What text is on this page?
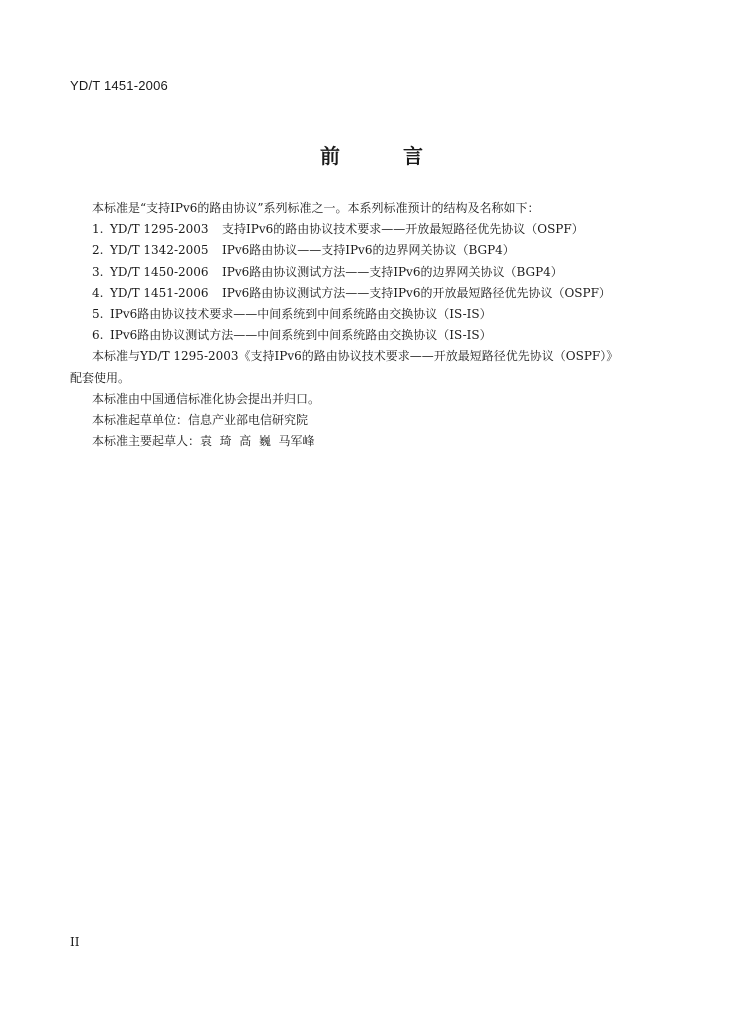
YD/T 1451-2006
前 言

本标准是“支持IPv6的路由协议”系列标准之一。本系列标准预计的结构及名称如下：

1. YD/T 1295-2003 支持IPv6的路由协议技术要求——开放最短路径优先协议（OSPF）
2. YD/T 1342-2005 IPv6路由协议——支持IPv6的边界网关协议（BGP4）
3. YD/T 1450-2006 IPv6路由协议测试方法——支持IPv6的边界网关协议（BGP4）
4. YD/T 1451-2006 IPv6路由协议测试方法——支持IPv6的开放最短路径优先协议（OSPF）
5. IPv6路由协议技术要求——中间系统到中间系统路由交换协议（IS-IS）
6. IPv6路由协议测试方法——中间系统到中间系统路由交换协议（IS-IS）

本标准与YD/T 1295-2003《支持IPv6的路由协议技术要求——开放最短路径优先协议（OSPF）》

配套使用。

本标准由中国通信标准化协会提出并归口。

本标准起草单位：信息产业部电信研究院

本标准主要起草人：袁  琦  高  巍  马军峰

II
